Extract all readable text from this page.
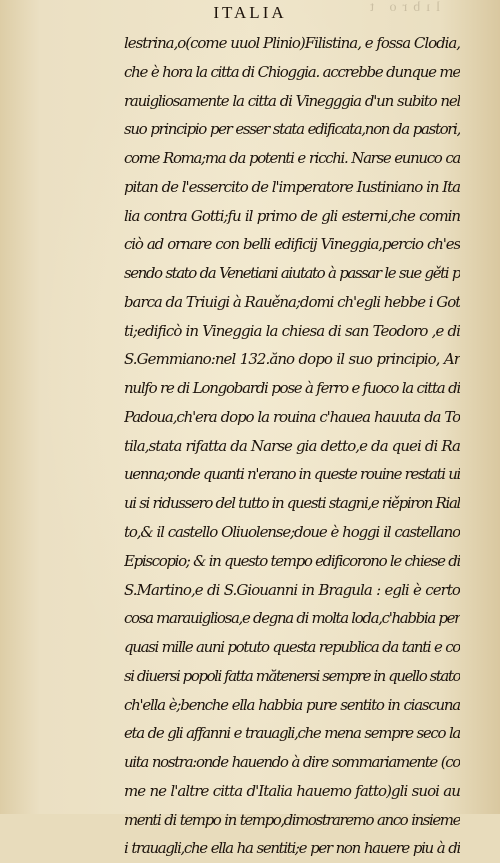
lıbro t
ITALIA
lestrina,o(come uuol Plinio)Filistina, e fossa Clodia,
che è hora la citta di Chioggia. accrebbe dunque me
rauigliosamente la citta di Vinegggia d'un subito nel
suo principio per esser stata edificata,non da pastori,
come Roma;ma da potenti e ricchi. Narse eunuco ca
pitan de l'essercito de l'imperatore Iustiniano in Ita
lia contra Gotti;fu il primo de gli esterni,che comin
ciò ad ornare con belli edificij Vineggia,percio ch'es
sendo stato da Venetiani aiutato à passar le sue gěti p
barca da Triuigi à Rauěna;domi ch'egli hebbe i Got
ti;edificò in Vineggia la chiesa di san Teodoro ,e di
S.Gemmiano:nel 132.ăno dopo il suo principio, Ar
nulfo re di Longobardi pose à ferro e fuoco la citta di
Padoua,ch'era dopo la rouina c'hauea hauuta da To
tila,stata rifatta da Narse gia detto,e da quei di Ra
uenna;onde quanti n'erano in queste rouine restati ui
ui si ridussero del tutto in questi stagni,e riěpiron Rial
to,& il castello Oliuolense;doue è hoggi il castellano
Episcopio; & in questo tempo edificorono le chiese di
S.Martino,e di S.Giouanni in Bragula : egli è certo
cosa marauigliosa,e degna di molta loda,c'habbia per
quasi mille auni potuto questa republica da tanti e co
si diuersi popoli fatta mătenersi sempre in quello stato
ch'ella è;benche ella habbia pure sentito in ciascuna
eta de gli affanni e trauagli,che mena sempre seco la
uita nostra:onde hauendo à dire sommariamente (co
me ne l'altre citta d'Italia hauemo fatto)gli suoi au
menti di tempo in tempo,dimostraremo anco insieme
i trauagli,che ella ha sentiti;e per non hauere piu à di
